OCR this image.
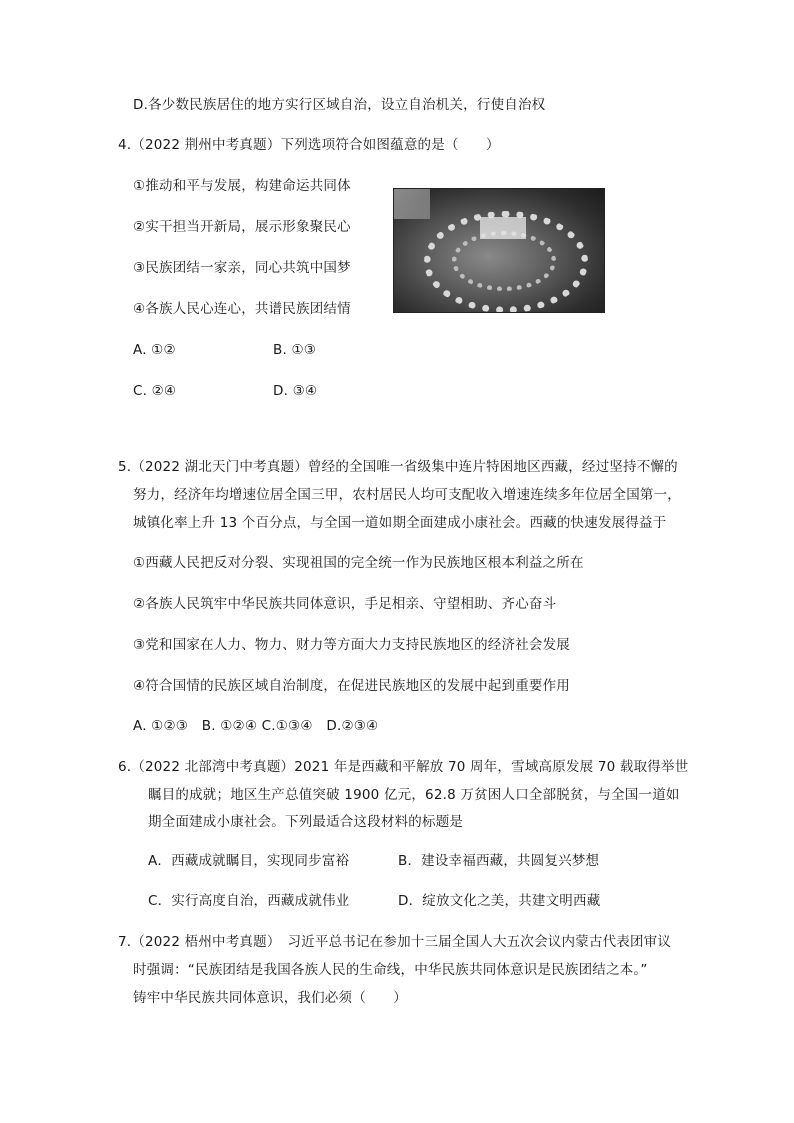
D.各少数民族居住的地方实行区域自治，设立自治机关，行使自治权
4.（2022 荆州中考真题）下列选项符合如图蕴意的是（　　）
①推动和平与发展，构建命运共同体
②实干担当开新局，展示形象聚民心
③民族团结一家亲，同心共筑中国梦
④各族人民心连心，共谱民族团结情
A. ①②	B. ①③
C. ②④	D. ③④
5.（2022 湖北天门中考真题）曾经的全国唯一省级集中连片特困地区西藏，经过坚持不懈的
努力，经济年均增速位居全国三甲，农村居民人均可支配收入增速连续多年位居全国第一，
城镇化率上升 13 个百分点，与全国一道如期全面建成小康社会。西藏的快速发展得益于
①西藏人民把反对分裂、实现祖国的完全统一作为民族地区根本利益之所在
②各族人民筑牢中华民族共同体意识，手足相亲、守望相助、齐心奋斗
③党和国家在人力、物力、财力等方面大力支持民族地区的经济社会发展
④符合国情的民族区域自治制度，在促进民族地区的发展中起到重要作用
A. ①②③　B. ①②④ C.①③④　D.②③④
6.（2022 北部湾中考真题）2021 年是西藏和平解放 70 周年，雪域高原发展 70 载取得举世
瞩目的成就；地区生产总值突破 1900 亿元，62.8 万贫困人口全部脱贫，与全国一道如
期全面建成小康社会。下列最适合这段材料的标题是
A．西藏成就瞩目，实现同步富裕	B．建设幸福西藏，共圆复兴梦想
C．实行高度自治，西藏成就伟业	D．绽放文化之美，共建文明西藏
7.（2022 梧州中考真题）　习近平总书记在参加十三届全国人大五次会议内蒙古代表团审议
时强调：“民族团结是我国各族人民的生命线，中华民族共同体意识是民族团结之本。”
铸牢中华民族共同体意识，我们必须（　　）
